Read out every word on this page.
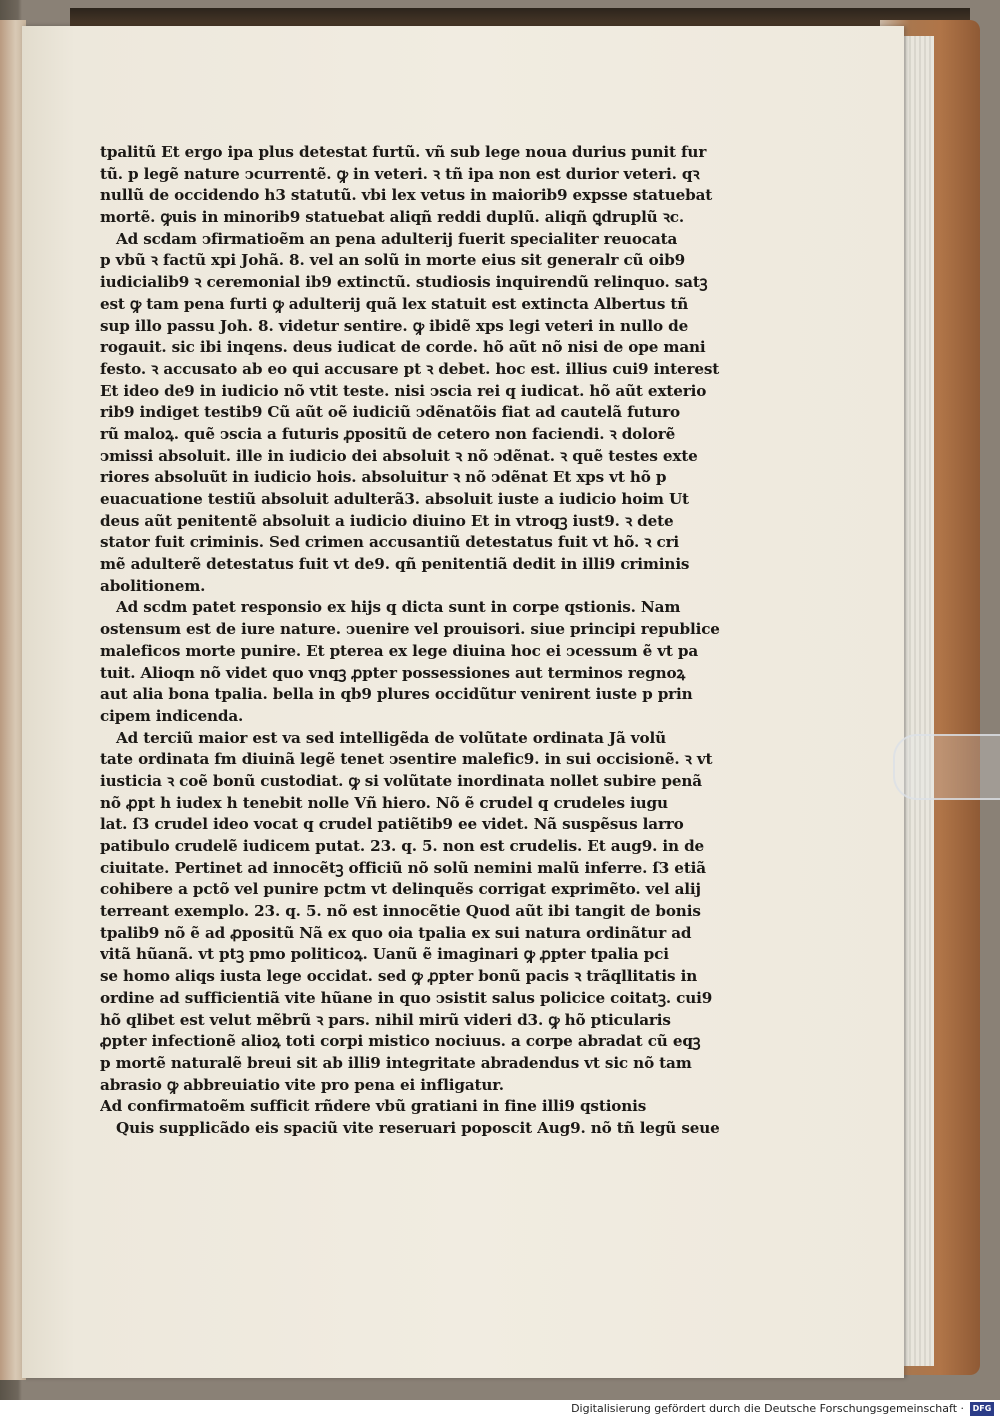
tpalitũ Et ergo ipa plus detestat furtũ. vñ sub lege noua durius punit fur
tũ. p legẽ nature ↄcurrentẽ. ꝙ in veteri. ꝛ tñ ipa non est durior veteri. qꝛ
nullũ de occidendo h3 statutũ. vbi lex vetus in maiorib9 expsse statuebat
mortẽ. ꝙuis in minorib9 statuebat aliqñ reddi duplũ. aliqñ ꝗdruplũ ꝛc.
Ad scdam ↄfirmatioẽm an pena adulterij fuerit specialiter reuocata
p vbũ ꝛ factũ xpi Johã. 8. vel an solũ in morte eius sit generalr cũ oib9
iudicialib9 ꝛ ceremonial ib9 extinctũ. studiosis inquirendũ relinquo. satꝫ
est ꝙ tam pena furti ꝙ adulterij quã lex statuit est extincta Albertus tñ
sup illo passu Joh. 8. videtur sentire. ꝙ ibidẽ xps legi veteri in nullo de
rogauit. sic ibi inqens. deus iudicat de corde. hõ aũt nõ nisi de ope mani
festo. ꝛ accusato ab eo qui accusare pt ꝛ debet. hoc est. illius cui9 interest
Et ideo de9 in iudicio nõ vtit teste. nisi ↄscia rei q iudicat. hõ aũt exterio
rib9 indiget testib9 Cũ aũt oẽ iudiciũ ↄdẽnatõis fiat ad cautelã futuro
rũ maloꝝ. quẽ ↄscia a futuris ꝓpositũ de cetero non faciendi. ꝛ dolorẽ
ↄmissi absoluit. ille in iudicio dei absoluit ꝛ nõ ↄdẽnat. ꝛ quẽ testes exte
riores absoluũt in iudicio hois. absoluitur ꝛ nõ ↄdẽnat Et xps vt hõ p
euacuatione testiũ absoluit adulterã3. absoluit iuste a iudicio hoim Ut
deus aũt penitentẽ absoluit a iudicio diuino Et in vtroqꝫ iust9. ꝛ dete
stator fuit criminis. Sed crimen accusantiũ detestatus fuit vt hõ. ꝛ cri
mẽ adulterẽ detestatus fuit vt de9. qñ penitentiã dedit in illi9 criminis
abolitionem.
Ad scdm patet responsio ex hijs q dicta sunt in corpe qstionis. Nam
ostensum est de iure nature. ↄuenire vel prouisori. siue principi republice
maleficos morte punire. Et pterea ex lege diuina hoc ei ↄcessum ẽ vt pa
tuit. Alioqn nõ videt quo vnqꝫ ꝓpter possessiones aut terminos regnoꝝ
aut alia bona tpalia. bella in qb9 plures occidũtur venirent iuste p prin
cipem indicenda.
Ad terciũ maior est va sed intelligẽda de volũtate ordinata Jã volũ
tate ordinata fm diuinã legẽ tenet ↄsentire malefic9. in sui occisionẽ. ꝛ vt
iusticia ꝛ coẽ bonũ custodiat. ꝙ si volũtate inordinata nollet subire penã
nõ ꝓpt h iudex h tenebit nolle Vñ hiero. Nõ ẽ crudel q crudeles iugu
lat. ſ3 crudel ideo vocat q crudel patiẽtib9 ee videt. Nã suspẽsus larro
patibulo crudelẽ iudicem putat. 23. q. 5. non est crudelis. Et aug9. in de
ciuitate. Pertinet ad innocẽtꝫ officiũ nõ solũ nemini malũ inferre. ſ3 etiã
cohibere a pctõ vel punire pctm vt delinquẽs corrigat exprimẽto. vel alij
terreant exemplo. 23. q. 5. nõ est innocẽtie Quod aũt ibi tangit de bonis
tpalib9 nõ ẽ ad ꝓpositũ Nã ex quo oia tpalia ex sui natura ordinãtur ad
vitã hũanã. vt ptꝫ pmo politicoꝝ. Uanũ ẽ imaginari ꝙ ꝓpter tpalia pci
se homo aliqs iusta lege occidat. sed ꝙ ꝓpter bonũ pacis ꝛ trãqllitatis in
ordine ad sufficientiã vite hũane in quo ↄsistit salus policice coitatꝫ. cui9
hõ qlibet est velut mẽbrũ ꝛ pars. nihil mirũ videri d3. ꝙ hõ pticularis
ꝓpter infectionẽ alioꝝ toti corpi mistico nociuus. a corpe abradat cũ eqꝫ
p mortẽ naturalẽ breui sit ab illi9 integritate abradendus vt sic nõ tam
abrasio ꝙ abbreuiatio vite pro pena ei infligatur.
Ad confirmatoẽm sufficit rñdere vbũ gratiani in fine illi9 qstionis
Quis supplicãdo eis spaciũ vite reseruari poposcit Aug9. nõ tñ legũ seue
Digitalisierung gefördert durch die Deutsche Forschungsgemeinschaft ·	DFG
